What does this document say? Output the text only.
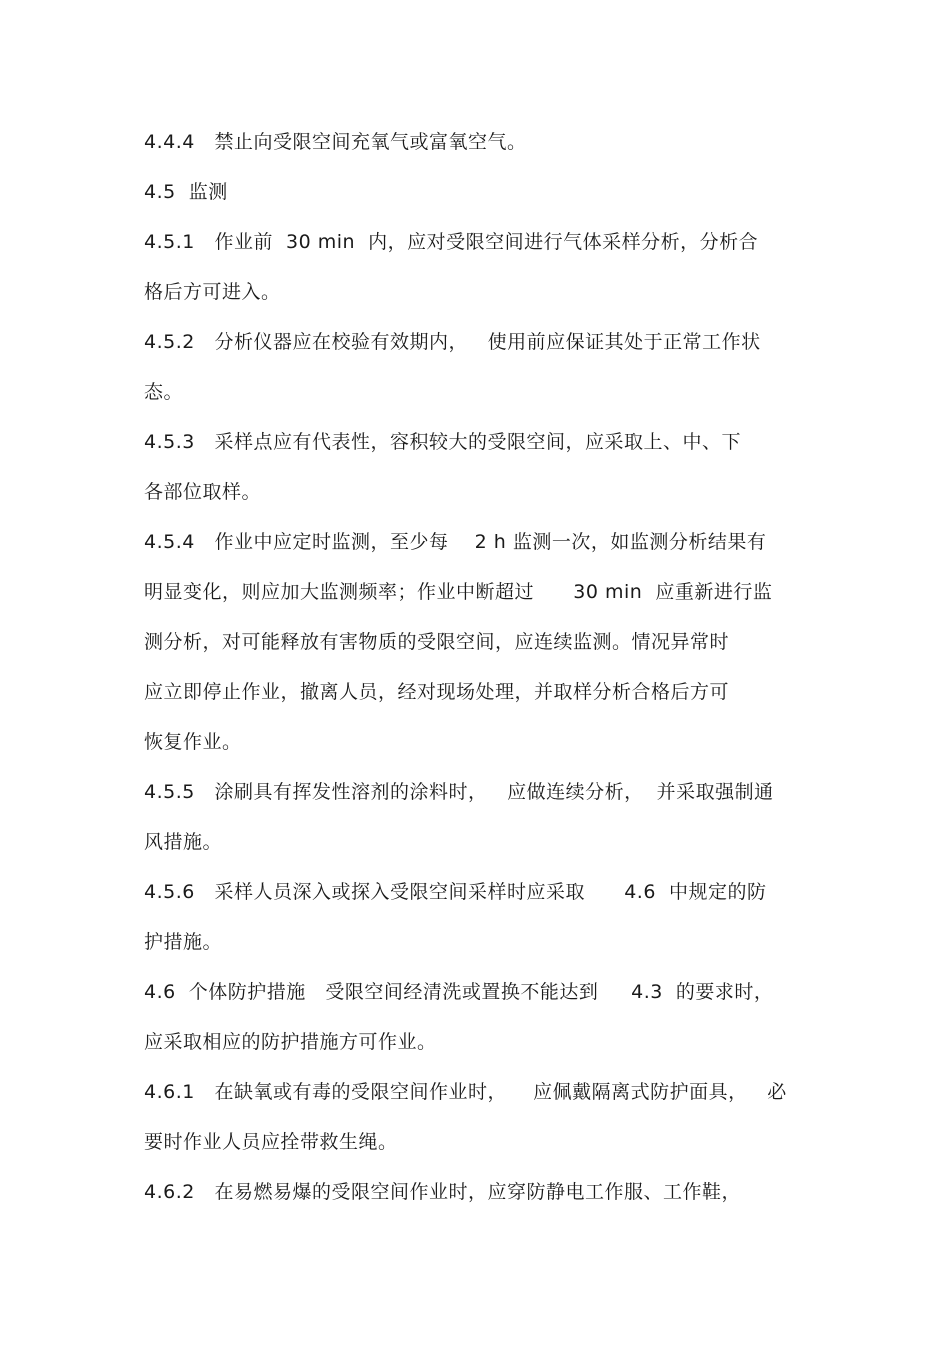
4.4.4   禁止向受限空间充氧气或富氧空气。
4.5  监测
4.5.1   作业前  30 min  内，应对受限空间进行气体采样分析，分析合
格后方可进入。
4.5.2   分析仪器应在校验有效期内，   使用前应保证其处于正常工作状
态。
4.5.3   采样点应有代表性，容积较大的受限空间，应采取上、中、下
各部位取样。
4.5.4   作业中应定时监测，至少每    2 h 监测一次，如监测分析结果有
明显变化，则应加大监测频率；作业中断超过      30 min  应重新进行监
测分析，对可能释放有害物质的受限空间，应连续监测。情况异常时
应立即停止作业，撤离人员，经对现场处理，并取样分析合格后方可
恢复作业。
4.5.5   涂刷具有挥发性溶剂的涂料时，   应做连续分析，  并采取强制通
风措施。
4.5.6   采样人员深入或探入受限空间采样时应采取      4.6  中规定的防
护措施。
4.6  个体防护措施   受限空间经清洗或置换不能达到     4.3  的要求时，
应采取相应的防护措施方可作业。
4.6.1   在缺氧或有毒的受限空间作业时，    应佩戴隔离式防护面具，   必
要时作业人员应拴带救生绳。
4.6.2   在易燃易爆的受限空间作业时，应穿防静电工作服、工作鞋，
